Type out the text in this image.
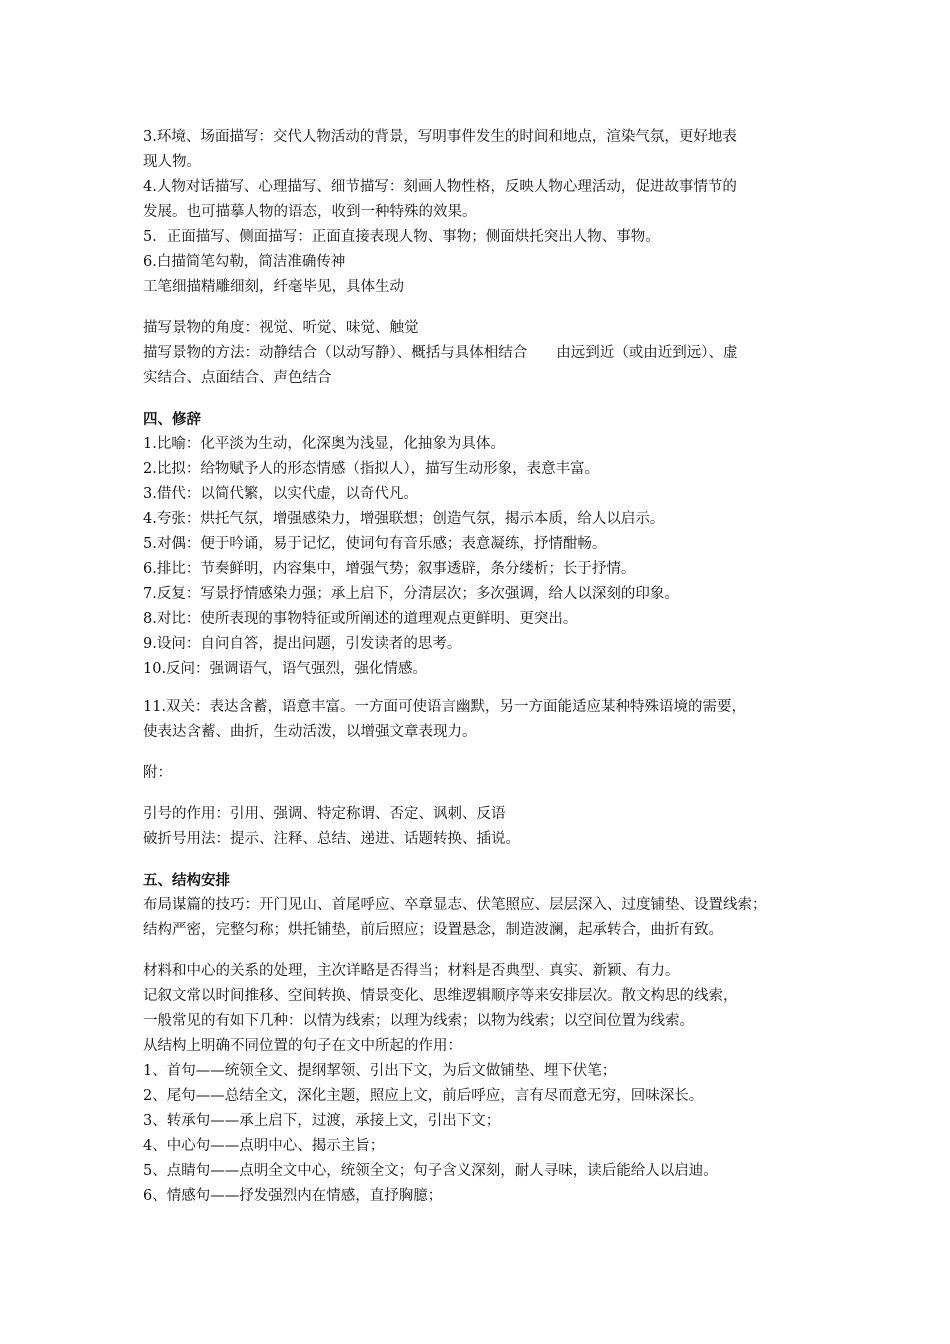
3.环境、场面描写：交代人物活动的背景，写明事件发生的时间和地点，渲染气氛，更好地表
现人物。
4.人物对话描写、心理描写、细节描写：刻画人物性格，反映人物心理活动，促进故事情节的
发展。也可描摹人物的语态，收到一种特殊的效果。
5．正面描写、侧面描写：正面直接表现人物、事物；侧面烘托突出人物、事物。
6.白描简笔勾勒，简洁准确传神
工笔细描精雕细刻，纤毫毕见，具体生动
描写景物的角度：视觉、听觉、味觉、触觉
描写景物的方法：动静结合（以动写静）、概括与具体相结合　　由远到近（或由近到远）、虚
实结合、点面结合、声色结合
四、修辞
1.比喻：化平淡为生动，化深奥为浅显，化抽象为具体。
2.比拟：给物赋予人的形态情感（指拟人），描写生动形象，表意丰富。
3.借代：以简代繁，以实代虚，以奇代凡。
4.夸张：烘托气氛，增强感染力，增强联想；创造气氛，揭示本质，给人以启示。
5.对偶：便于吟诵，易于记忆，使词句有音乐感；表意凝练，抒情酣畅。
6.排比：节奏鲜明，内容集中，增强气势；叙事透辟，条分缕析；长于抒情。
7.反复：写景抒情感染力强；承上启下，分清层次；多次强调，给人以深刻的印象。
8.对比：使所表现的事物特征或所阐述的道理观点更鲜明、更突出。
9.设问：自问自答，提出问题，引发读者的思考。
10.反问：强调语气，语气强烈，强化情感。
11.双关：表达含蓄，语意丰富。一方面可使语言幽默，另一方面能适应某种特殊语境的需要，
使表达含蓄、曲折，生动活泼，以增强文章表现力。
附：
引号的作用：引用、强调、特定称谓、否定、讽刺、反语
破折号用法：提示、注释、总结、递进、话题转换、插说。
五、结构安排
布局谋篇的技巧：开门见山、首尾呼应、卒章显志、伏笔照应、层层深入、过度铺垫、设置线索；
结构严密，完整匀称；烘托铺垫，前后照应；设置悬念，制造波澜，起承转合，曲折有致。
材料和中心的关系的处理，主次详略是否得当；材料是否典型、真实、新颖、有力。
记叙文常以时间推移、空间转换、情景变化、思维逻辑顺序等来安排层次。散文构思的线索，
一般常见的有如下几种：以情为线索；以理为线索；以物为线索；以空间位置为线索。
从结构上明确不同位置的句子在文中所起的作用：
1、首句——统领全文、提纲挈领、引出下文，为后文做铺垫、埋下伏笔；
2、尾句——总结全文，深化主题，照应上文，前后呼应，言有尽而意无穷，回味深长。
3、转承句——承上启下，过渡，承接上文，引出下文；
4、中心句——点明中心、揭示主旨；
5、点睛句——点明全文中心，统领全文；句子含义深刻，耐人寻味，读后能给人以启迪。
6、情感句——抒发强烈内在情感，直抒胸臆；
